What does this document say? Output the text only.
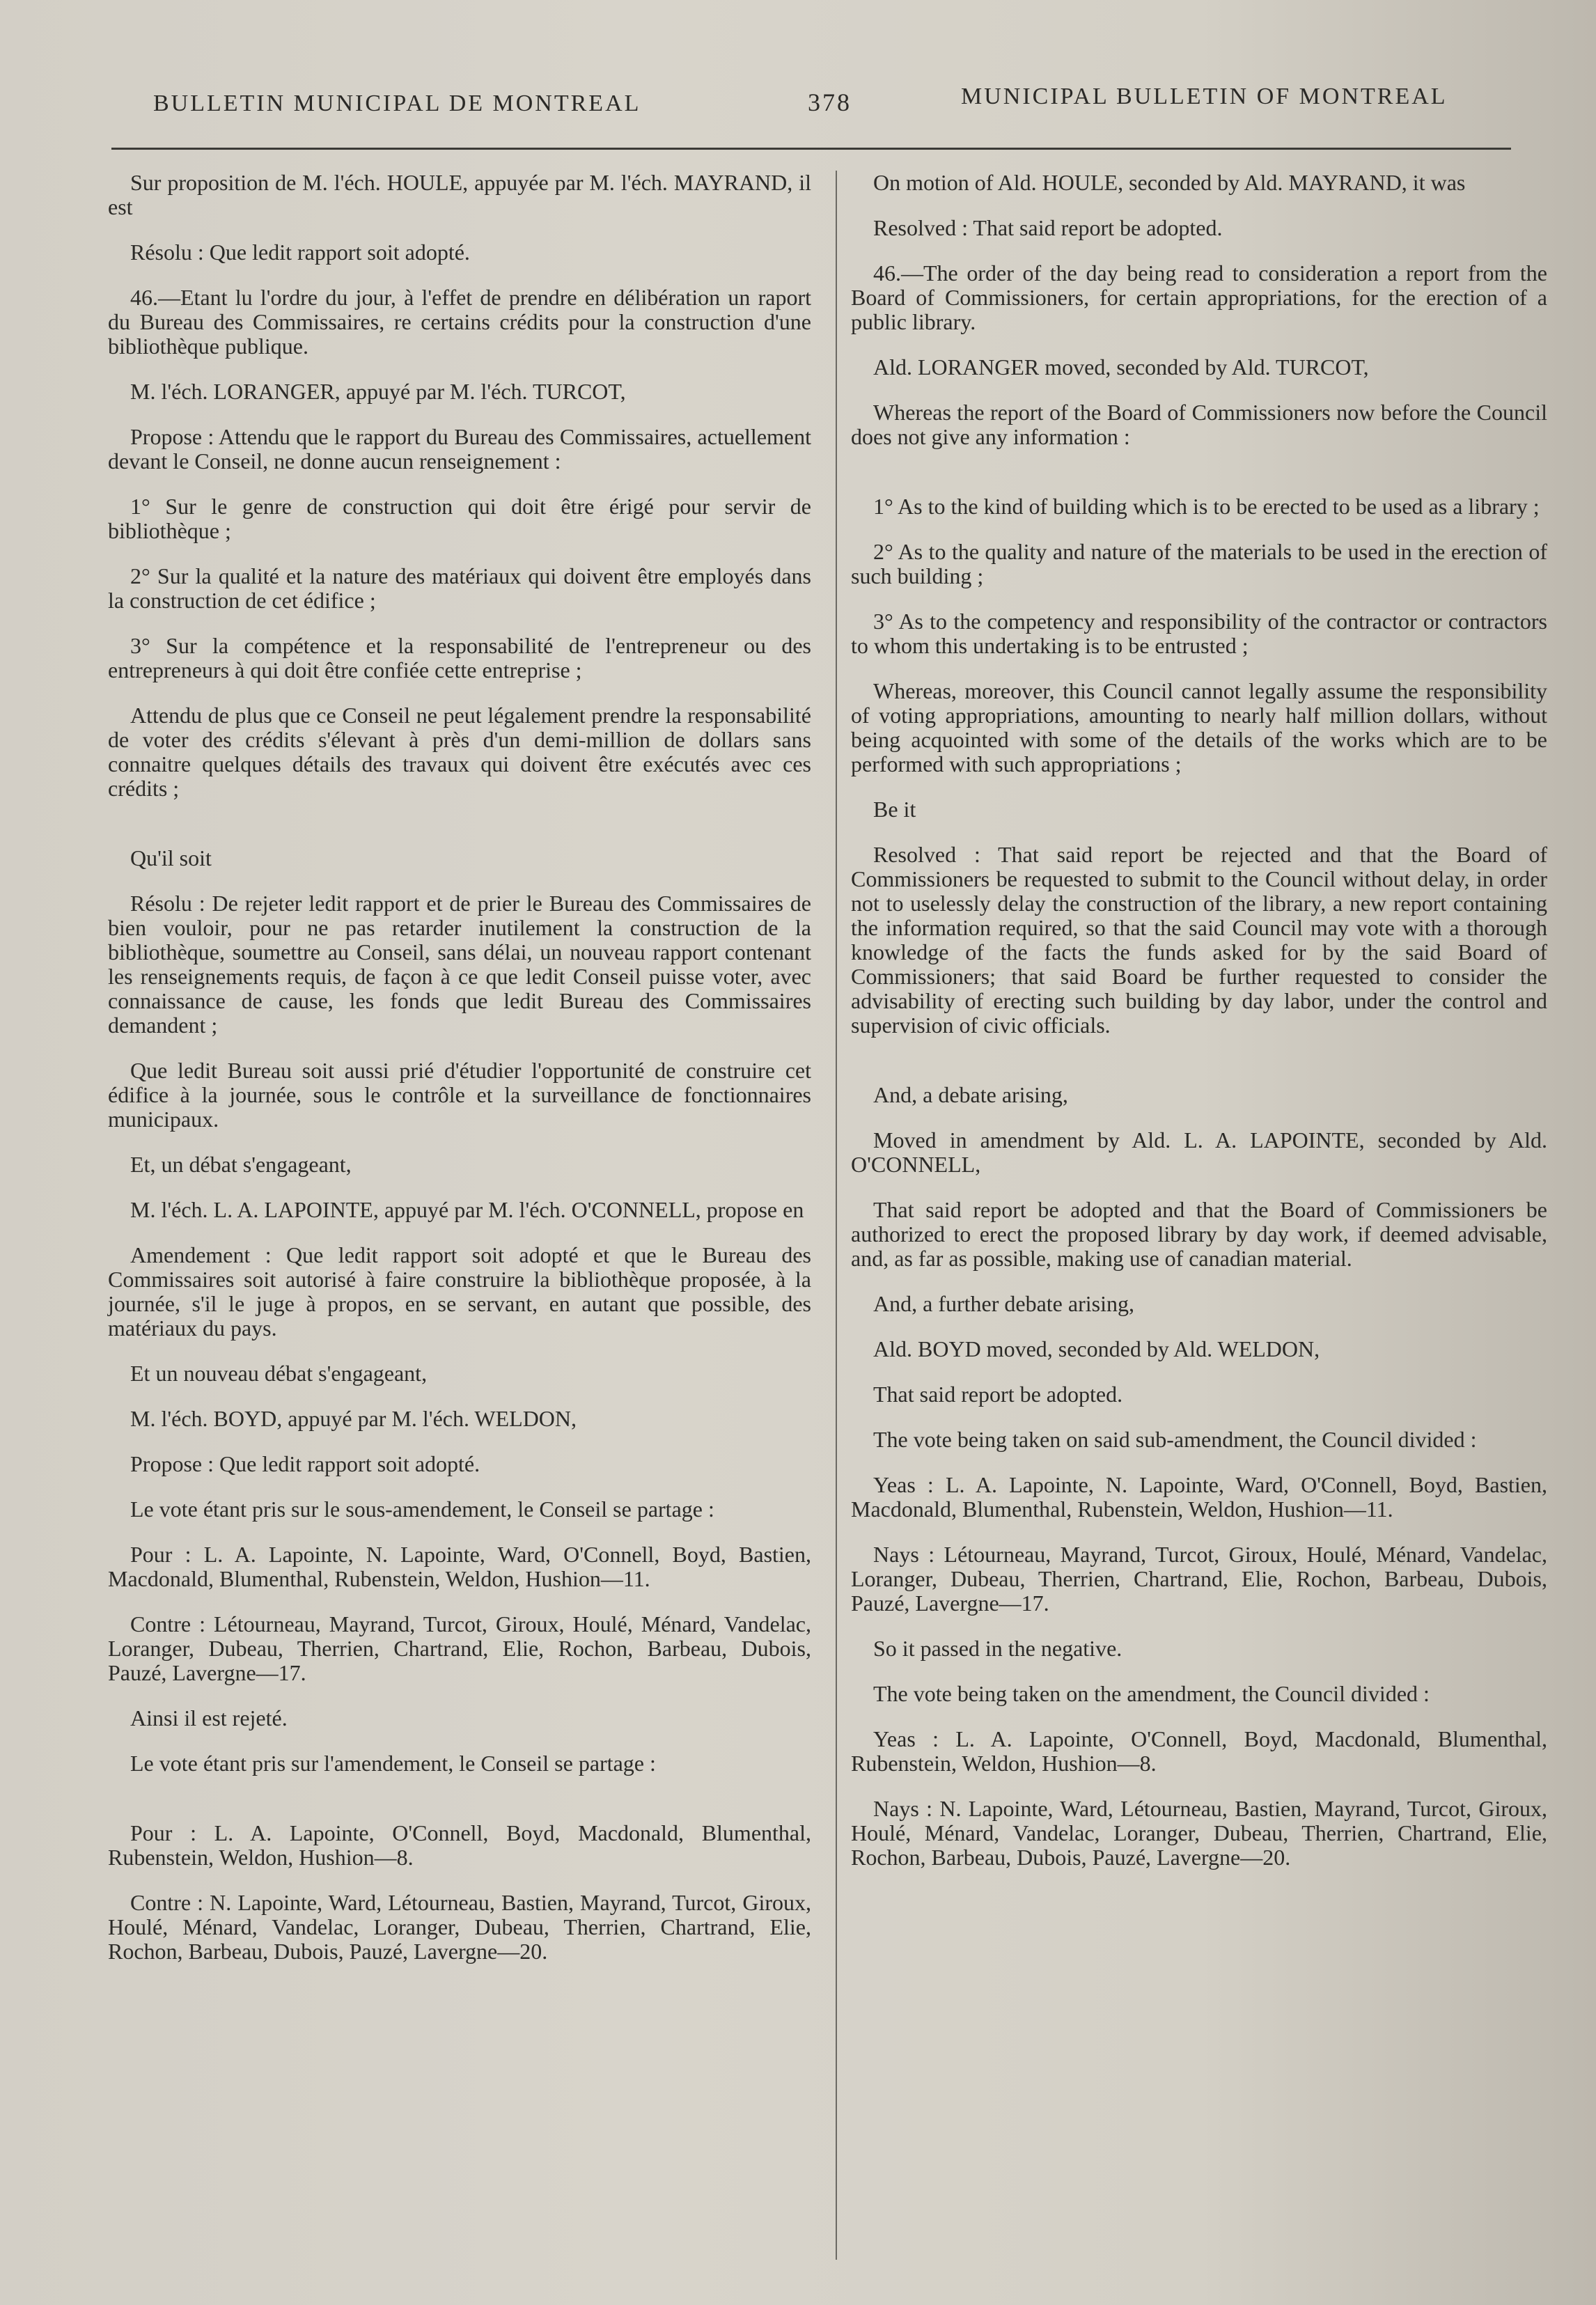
BULLETIN MUNICIPAL DE MONTREAL	378	MUNICIPAL BULLETIN OF MONTREAL

Sur proposition de M. l'éch. HOULE, appuyée par M. l'éch. MAYRAND, il est

Résolu : Que ledit rapport soit adopté.

46.—Etant lu l'ordre du jour, à l'effet de prendre en délibération un raport du Bureau des Commissaires, re certains crédits pour la construction d'une bibliothèque publique.

M. l'éch. LORANGER, appuyé par M. l'éch. TURCOT,

Propose : Attendu que le rapport du Bureau des Commissaires, actuellement devant le Conseil, ne donne aucun renseignement :

1° Sur le genre de construction qui doit être érigé pour servir de bibliothèque ;

2° Sur la qualité et la nature des matériaux qui doivent être employés dans la construction de cet édifice ;

3° Sur la compétence et la responsabilité de l'entrepreneur ou des entrepreneurs à qui doit être confiée cette entreprise ;

Attendu de plus que ce Conseil ne peut légalement prendre la responsabilité de voter des crédits s'élevant à près d'un demi-million de dollars sans connaitre quelques détails des travaux qui doivent être exécutés avec ces crédits ;

Qu'il soit

Résolu : De rejeter ledit rapport et de prier le Bureau des Commissaires de bien vouloir, pour ne pas retarder inutilement la construction de la bibliothèque, soumettre au Conseil, sans délai, un nouveau rapport contenant les renseignements requis, de façon à ce que ledit Conseil puisse voter, avec connaissance de cause, les fonds que ledit Bureau des Commissaires demandent ;

Que ledit Bureau soit aussi prié d'étudier l'opportunité de construire cet édifice à la journée, sous le contrôle et la surveillance de fonctionnaires municipaux.

Et, un débat s'engageant,

M. l'éch. L. A. LAPOINTE, appuyé par M. l'éch. O'CONNELL, propose en

Amendement : Que ledit rapport soit adopté et que le Bureau des Commissaires soit autorisé à faire construire la bibliothèque proposée, à la journée, s'il le juge à propos, en se servant, en autant que possible, des matériaux du pays.

Et un nouveau débat s'engageant,

M. l'éch. BOYD, appuyé par M. l'éch. WELDON,

Propose : Que ledit rapport soit adopté.

Le vote étant pris sur le sous-amendement, le Conseil se partage :

Pour : L. A. Lapointe, N. Lapointe, Ward, O'Connell, Boyd, Bastien, Macdonald, Blumenthal, Rubenstein, Weldon, Hushion—11.

Contre : Létourneau, Mayrand, Turcot, Giroux, Houlé, Ménard, Vandelac, Loranger, Dubeau, Therrien, Chartrand, Elie, Rochon, Barbeau, Dubois, Pauzé, Lavergne—17.

Ainsi il est rejeté.

Le vote étant pris sur l'amendement, le Conseil se partage :

Pour : L. A. Lapointe, O'Connell, Boyd, Macdonald, Blumenthal, Rubenstein, Weldon, Hushion—8.

Contre : N. Lapointe, Ward, Létourneau, Bastien, Mayrand, Turcot, Giroux, Houlé, Ménard, Vandelac, Loranger, Dubeau, Therrien, Chartrand, Elie, Rochon, Barbeau, Dubois, Pauzé, Lavergne—20.

On motion of Ald. HOULE, seconded by Ald. MAYRAND, it was

Resolved : That said report be adopted.

46.—The order of the day being read to consideration a report from the Board of Commissioners, for certain appropriations, for the erection of a public library.

Ald. LORANGER moved, seconded by Ald. TURCOT,

Whereas the report of the Board of Commissioners now before the Council does not give any information :

1° As to the kind of building which is to be erected to be used as a library ;

2° As to the quality and nature of the materials to be used in the erection of such building ;

3° As to the competency and responsibility of the contractor or contractors to whom this undertaking is to be entrusted ;

Whereas, moreover, this Council cannot legally assume the responsibility of voting appropriations, amounting to nearly half million dollars, without being acquointed with some of the details of the works which are to be performed with such appropriations ;

Be it

Resolved : That said report be rejected and that the Board of Commissioners be requested to submit to the Council without delay, in order not to uselessly delay the construction of the library, a new report containing the information required, so that the said Council may vote with a thorough knowledge of the facts the funds asked for by the said Board of Commissioners; that said Board be further requested to consider the advisability of erecting such building by day labor, under the control and supervision of civic officials.

And, a debate arising,

Moved in amendment by Ald. L. A. LAPOINTE, seconded by Ald. O'CONNELL,

That said report be adopted and that the Board of Commissioners be authorized to erect the proposed library by day work, if deemed advisable, and, as far as possible, making use of canadian material.

And, a further debate arising,

Ald. BOYD moved, seconded by Ald. WELDON,

That said report be adopted.

The vote being taken on said sub-amendment, the Council divided :

Yeas : L. A. Lapointe, N. Lapointe, Ward, O'Connell, Boyd, Bastien, Macdonald, Blumenthal, Rubenstein, Weldon, Hushion—11.

Nays : Létourneau, Mayrand, Turcot, Giroux, Houlé, Ménard, Vandelac, Loranger, Dubeau, Therrien, Chartrand, Elie, Rochon, Barbeau, Dubois, Pauzé, Lavergne—17.

So it passed in the negative.

The vote being taken on the amendment, the Council divided :

Yeas : L. A. Lapointe, O'Connell, Boyd, Macdonald, Blumenthal, Rubenstein, Weldon, Hushion—8.

Nays : N. Lapointe, Ward, Létourneau, Bastien, Mayrand, Turcot, Giroux, Houlé, Ménard, Vandelac, Loranger, Dubeau, Therrien, Chartrand, Elie, Rochon, Barbeau, Dubois, Pauzé, Lavergne—20.
